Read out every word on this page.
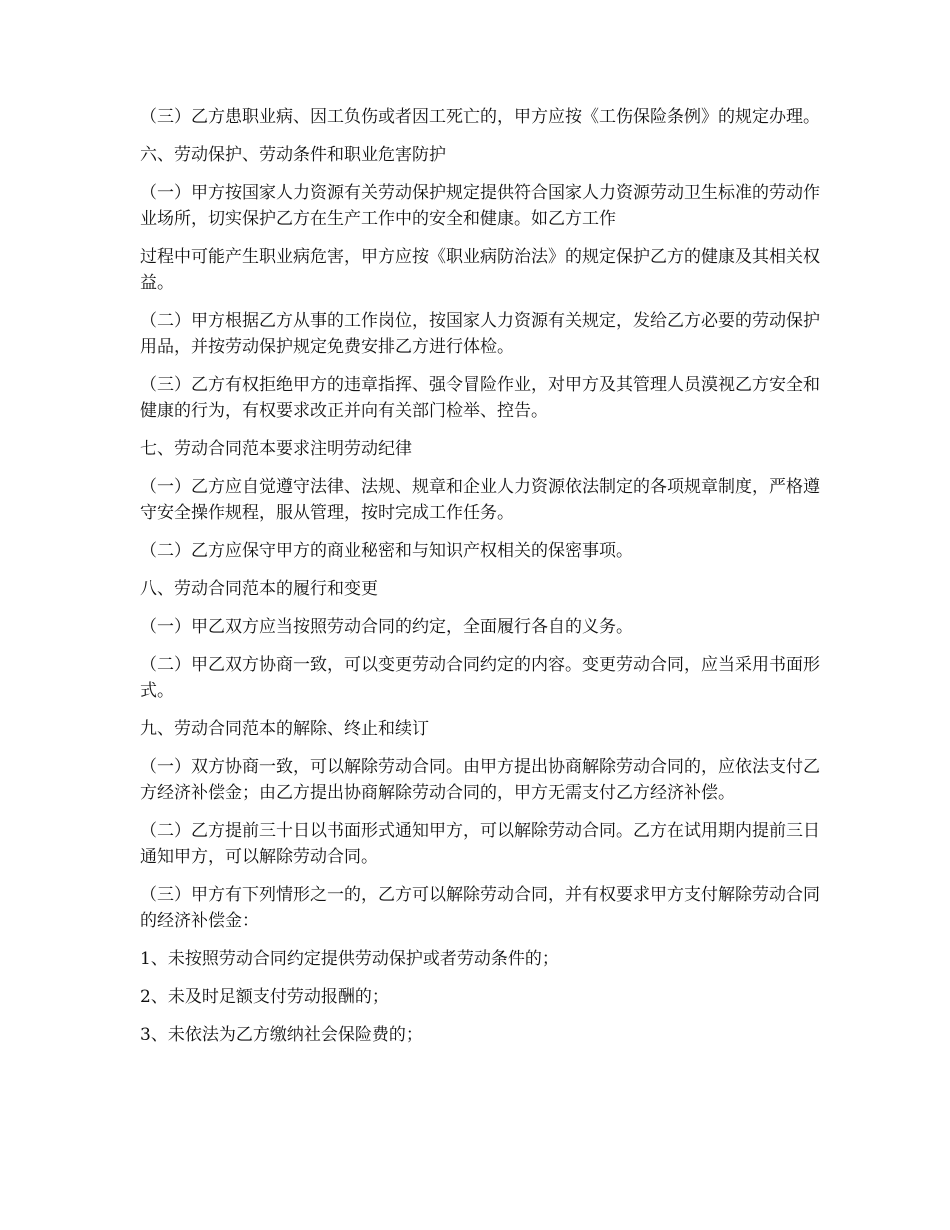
（三）乙方患职业病、因工负伤或者因工死亡的，甲方应按《工伤保险条例》的规定办理。

六、劳动保护、劳动条件和职业危害防护

（一）甲方按国家人力资源有关劳动保护规定提供符合国家人力资源劳动卫生标准的劳动作业场所，切实保护乙方在生产工作中的安全和健康。如乙方工作

过程中可能产生职业病危害，甲方应按《职业病防治法》的规定保护乙方的健康及其相关权益。

（二）甲方根据乙方从事的工作岗位，按国家人力资源有关规定，发给乙方必要的劳动保护用品，并按劳动保护规定免费安排乙方进行体检。

（三）乙方有权拒绝甲方的违章指挥、强令冒险作业，对甲方及其管理人员漠视乙方安全和健康的行为，有权要求改正并向有关部门检举、控告。

七、劳动合同范本要求注明劳动纪律

（一）乙方应自觉遵守法律、法规、规章和企业人力资源依法制定的各项规章制度，严格遵守安全操作规程，服从管理，按时完成工作任务。

（二）乙方应保守甲方的商业秘密和与知识产权相关的保密事项。

八、劳动合同范本的履行和变更

（一）甲乙双方应当按照劳动合同的约定，全面履行各自的义务。

（二）甲乙双方协商一致，可以变更劳动合同约定的内容。变更劳动合同，应当采用书面形式。

九、劳动合同范本的解除、终止和续订

（一）双方协商一致，可以解除劳动合同。由甲方提出协商解除劳动合同的，应依法支付乙方经济补偿金；由乙方提出协商解除劳动合同的，甲方无需支付乙方经济补偿。

（二）乙方提前三十日以书面形式通知甲方，可以解除劳动合同。乙方在试用期内提前三日通知甲方，可以解除劳动合同。

（三）甲方有下列情形之一的，乙方可以解除劳动合同，并有权要求甲方支付解除劳动合同的经济补偿金：

1、未按照劳动合同约定提供劳动保护或者劳动条件的；

2、未及时足额支付劳动报酬的；

3、未依法为乙方缴纳社会保险费的；
